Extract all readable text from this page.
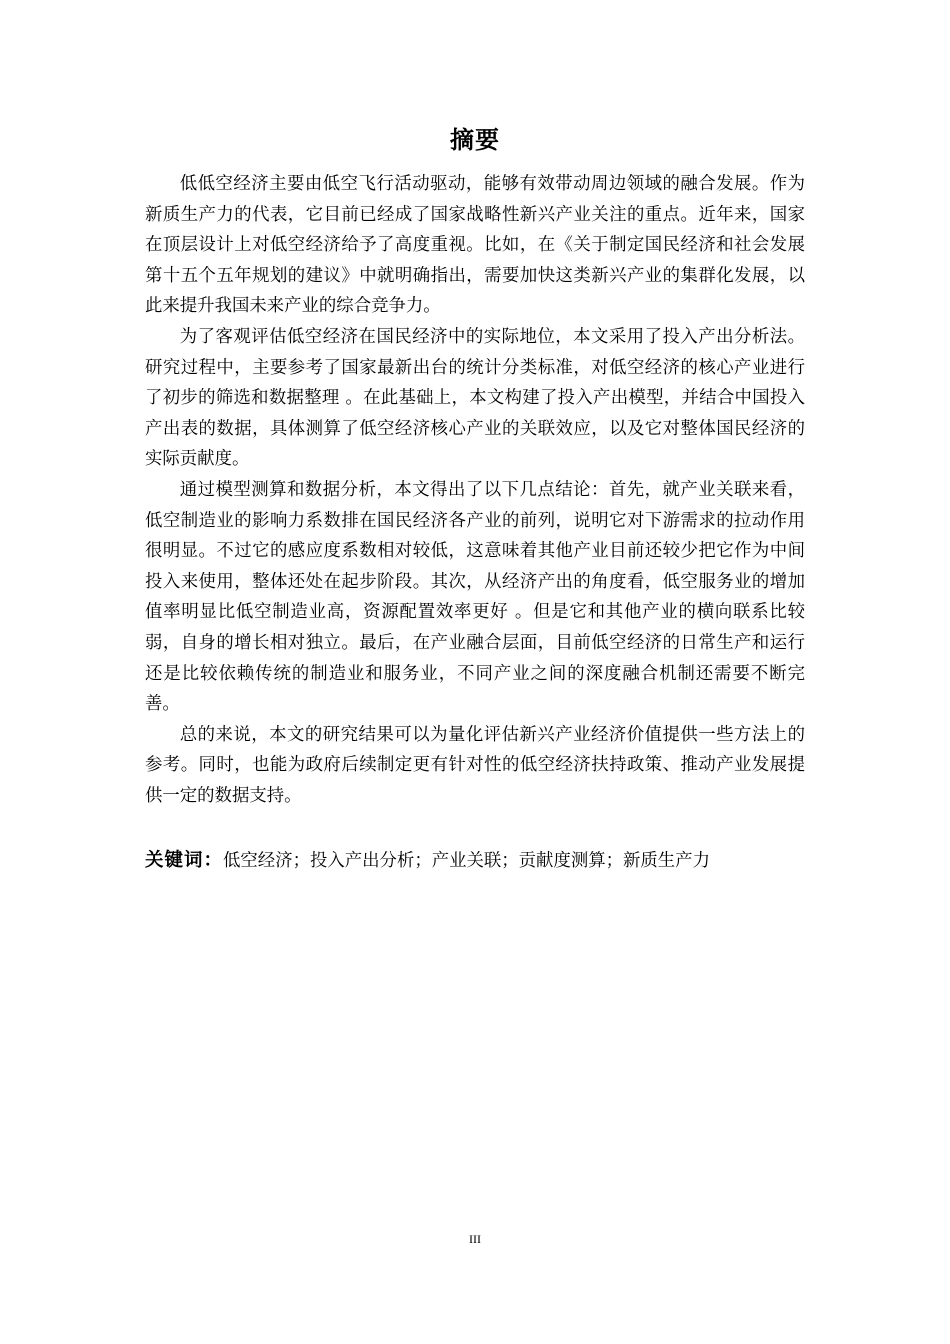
摘要

低低空经济主要由低空飞行活动驱动，能够有效带动周边领域的融合发展。作为新质生产力的代表，它目前已经成了国家战略性新兴产业关注的重点。近年来，国家在顶层设计上对低空经济给予了高度重视。比如，在《关于制定国民经济和社会发展第十五个五年规划的建议》中就明确指出，需要加快这类新兴产业的集群化发展，以此来提升我国未来产业的综合竞争力。

为了客观评估低空经济在国民经济中的实际地位，本文采用了投入产出分析法。研究过程中，主要参考了国家最新出台的统计分类标准，对低空经济的核心产业进行了初步的筛选和数据整理 。在此基础上，本文构建了投入产出模型，并结合中国投入产出表的数据，具体测算了低空经济核心产业的关联效应，以及它对整体国民经济的实际贡献度。

通过模型测算和数据分析，本文得出了以下几点结论：首先，就产业关联来看，低空制造业的影响力系数排在国民经济各产业的前列，说明它对下游需求的拉动作用很明显。不过它的感应度系数相对较低，这意味着其他产业目前还较少把它作为中间投入来使用，整体还处在起步阶段。其次，从经济产出的角度看，低空服务业的增加值率明显比低空制造业高，资源配置效率更好 。但是它和其他产业的横向联系比较弱，自身的增长相对独立。最后，在产业融合层面，目前低空经济的日常生产和运行还是比较依赖传统的制造业和服务业，不同产业之间的深度融合机制还需要不断完善。

总的来说，本文的研究结果可以为量化评估新兴产业经济价值提供一些方法上的参考。同时，也能为政府后续制定更有针对性的低空经济扶持政策、推动产业发展提供一定的数据支持。

关键词：低空经济；投入产出分析；产业关联；贡献度测算；新质生产力
III
